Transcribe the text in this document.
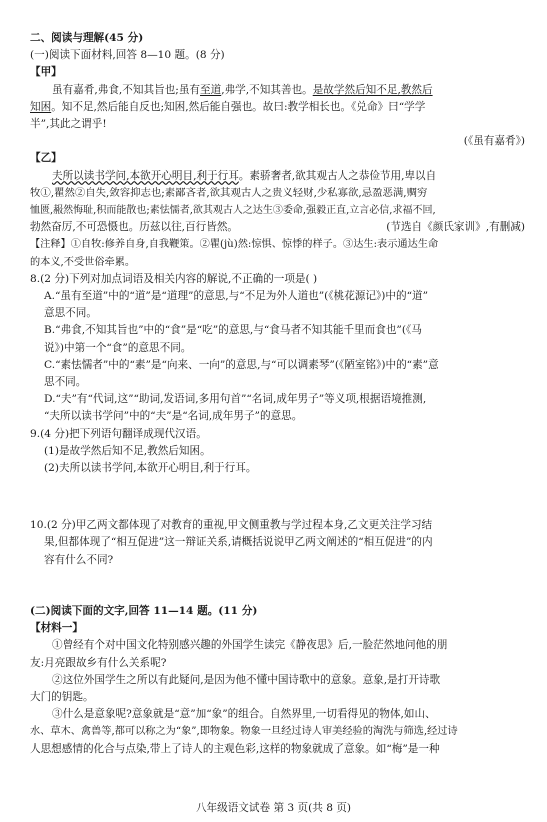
二、阅读与理解(45 分)
(一)阅读下面材料,回答 8—10 题。(8 分)
【甲】
虽有嘉肴,弗食,不知其旨也;虽有至道,弗学,不知其善也。是故学然后知不足,教然后
知困。知不足,然后能自反也;知困,然后能自强也。故曰:教学相长也。《兑命》曰“学学
半”,其此之谓乎!
(《虽有嘉肴》)
【乙】
夫所以读书学问,本欲开心明目,利于行耳。素骄奢者,欲其观古人之恭俭节用,卑以自
牧①,瞿然②自失,敛容抑志也;素鄙吝者,欲其观古人之贵义轻财,少私寡欲,忌盈恶满,赒穷
恤匮,赧然悔耻,积而能散也;素怯懦者,欲其观古人之达生③委命,强毅正直,立言必信,求福不回,
勃然奋厉,不可恐慑也。历兹以往,百行皆然。	(节选自《颜氏家训》,有删减)
【注释】①自牧:修养自身,自我鞭策。②瞿(jù)然:惊惧、惊悸的样子。③达生:表示通达生命
的本义,不受世俗牵累。
8.(2 分)下列对加点词语及相关内容的解说,不正确的一项是( )
A.“虽有至道”中的“道”是“道理”的意思,与“不足为外人道也”(《桃花源记》)中的“道”
意思不同。
B.“弗食,不知其旨也”中的“食”是“吃”的意思,与“食马者不知其能千里而食也”(《马
说》)中第一个“食”的意思不同。
C.“素怯懦者”中的“素”是“向来、一向”的意思,与“可以调素琴”(《陋室铭》)中的“素”意
思不同。
D.“夫”有“代词,这”“助词,发语词,多用句首”“名词,成年男子”等义项,根据语境推测,
“夫所以读书学问”中的“夫”是“名词,成年男子”的意思。
9.(4 分)把下列语句翻译成现代汉语。
(1)是故学然后知不足,教然后知困。
(2)夫所以读书学问,本欲开心明目,利于行耳。
10.(2 分)甲乙两文都体现了对教育的重视,甲文侧重教与学过程本身,乙文更关注学习结
果,但都体现了“相互促进”这一辩证关系,请概括说说甲乙两文阐述的“相互促进”的内
容有什么不同?
(二)阅读下面的文字,回答 11—14 题。(11 分)
【材料一】
①曾经有个对中国文化特别感兴趣的外国学生读完《静夜思》后,一脸茫然地问他的朋
友:月亮跟故乡有什么关系呢?
②这位外国学生之所以有此疑问,是因为他不懂中国诗歌中的意象。意象,是打开诗歌
大门的钥匙。
③什么是意象呢?意象就是“意”加“象”的组合。自然界里,一切看得见的物体,如山、
水、草木、禽兽等,都可以称之为“象”,即物象。物象一旦经过诗人审美经验的淘洗与筛选,经过诗
人思想感情的化合与点染,带上了诗人的主观色彩,这样的物象就成了意象。如“梅”是一种
八年级语文试卷 第 3 页(共 8 页)
